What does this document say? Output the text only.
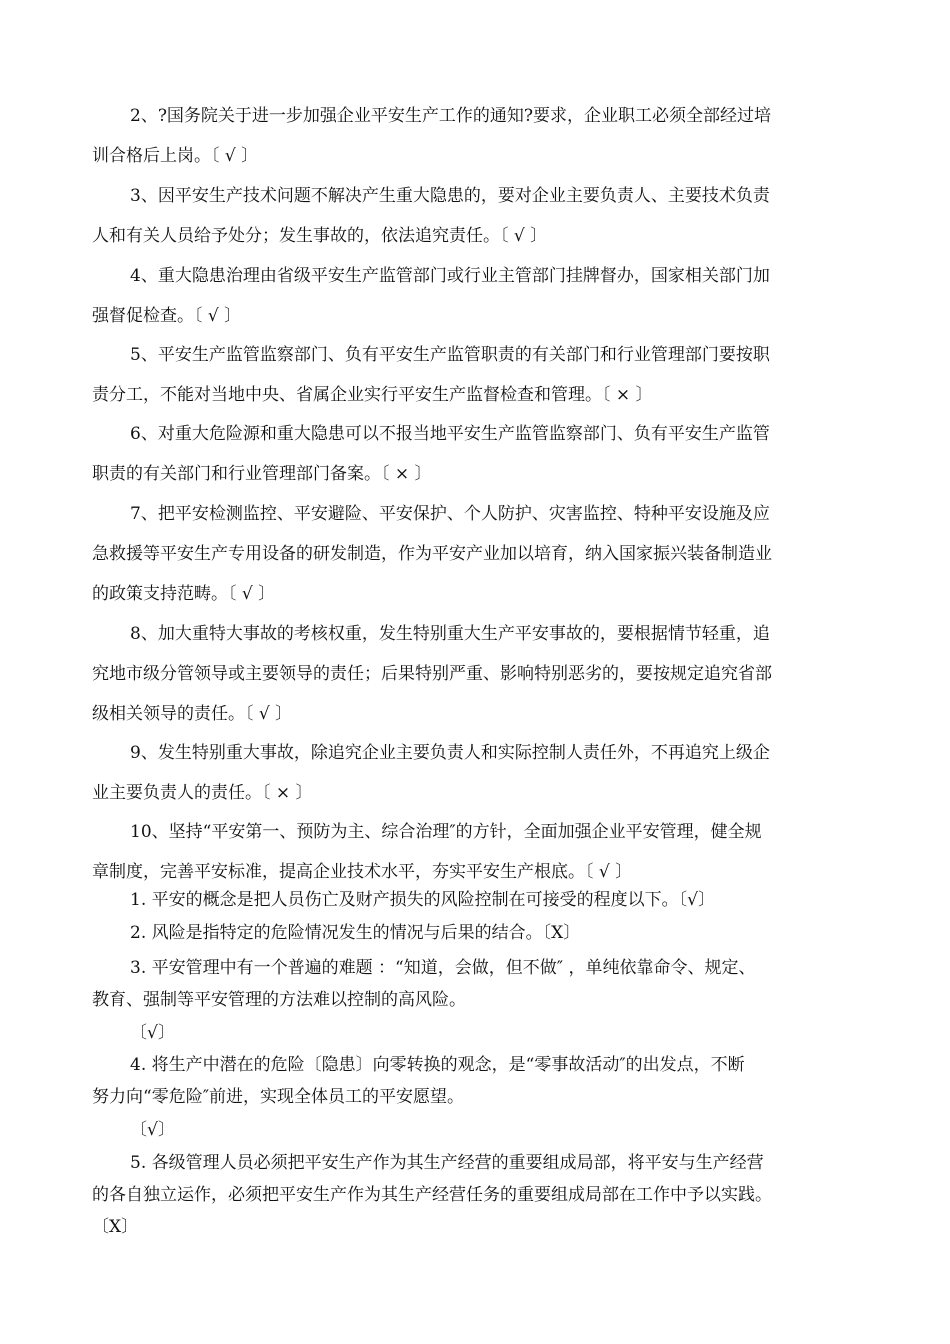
2、?国务院关于进一步加强企业平安生产工作的通知?要求，企业职工必须全部经过培
训合格后上岗。〔 √ 〕

3、因平安生产技术问题不解决产生重大隐患的，要对企业主要负责人、主要技术负责
人和有关人员给予处分；发生事故的，依法追究责任。〔 √ 〕

4、重大隐患治理由省级平安生产监管部门或行业主管部门挂牌督办，国家相关部门加
强督促检查。〔 √ 〕

5、平安生产监管监察部门、负有平安生产监管职责的有关部门和行业管理部门要按职
责分工，不能对当地中央、省属企业实行平安生产监督检查和管理。〔 × 〕

6、对重大危险源和重大隐患可以不报当地平安生产监管监察部门、负有平安生产监管
职责的有关部门和行业管理部门备案。〔 × 〕

7、把平安检测监控、平安避险、平安保护、个人防护、灾害监控、特种平安设施及应
急救援等平安生产专用设备的研发制造，作为平安产业加以培育，纳入国家振兴装备制造业
的政策支持范畴。〔 √ 〕

8、加大重特大事故的考核权重，发生特别重大生产平安事故的，要根据情节轻重，追
究地市级分管领导或主要领导的责任；后果特别严重、影响特别恶劣的，要按规定追究省部
级相关领导的责任。〔 √ 〕

9、发生特别重大事故，除追究企业主要负责人和实际控制人责任外，不再追究上级企
业主要负责人的责任。〔 × 〕

10、坚持“平安第一、预防为主、综合治理″的方针，全面加强企业平安管理，健全规
章制度，完善平安标准，提高企业技术水平，夯实平安生产根底。〔 √ 〕

1. 平安的概念是把人员伤亡及财产损失的风险控制在可接受的程度以下。〔√〕

2. 风险是指特定的危险情况发生的情况与后果的结合。〔X〕

3. 平安管理中有一个普遍的难题 ：“知道，会做，但不做″ ，单纯依靠命令、规定、
教育、强制等平安管理的方法难以控制的高风险。

〔√〕

4. 将生产中潜在的危险〔隐患〕向零转换的观念，是“零事故活动″的出发点，不断
努力向“零危险″前进，实现全体员工的平安愿望。

〔√〕

5. 各级管理人员必须把平安生产作为其生产经营的重要组成局部，将平安与生产经营
的各自独立运作，必须把平安生产作为其生产经营任务的重要组成局部在工作中予以实践。
〔X〕
